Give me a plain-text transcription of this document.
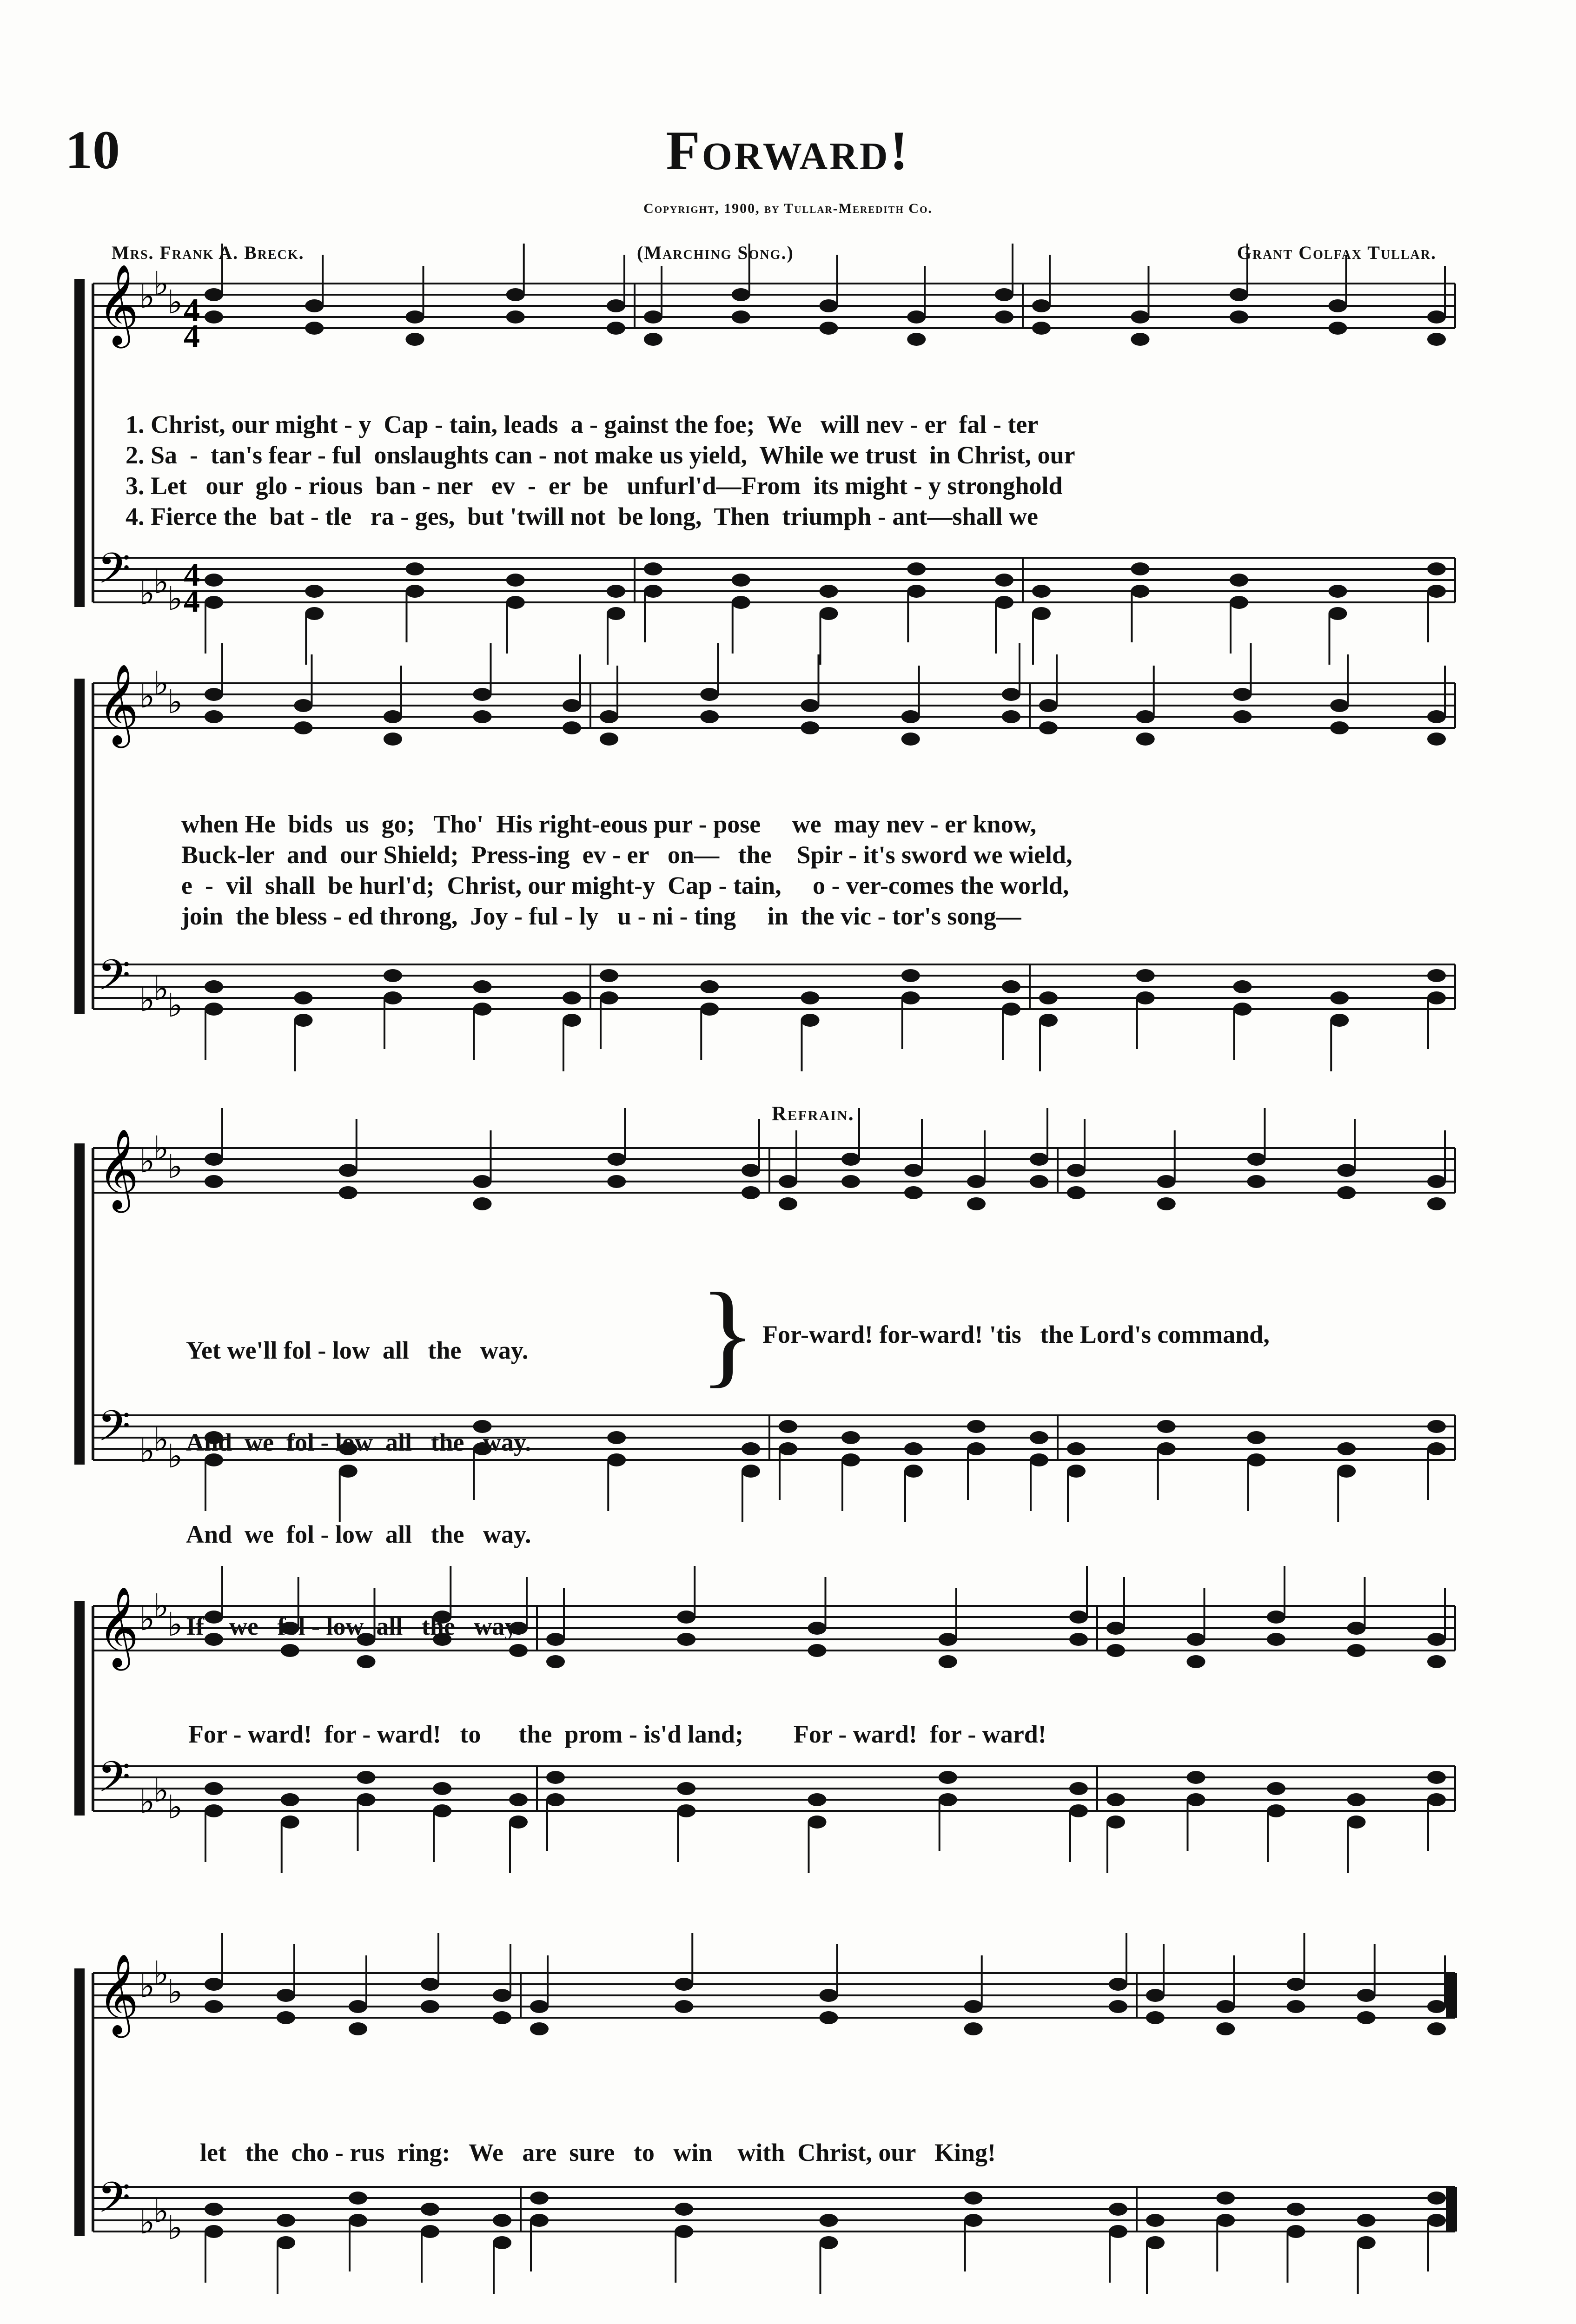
10	Forward!
Copyright, 1900, by Tullar-Meredith Co.
Mrs. Frank A. Breck.	(Marching Song.)	Grant Colfax Tullar.
𝄞 ♭
♭
♭
𝄢 ♭
♭
♭
𝄞 ♭
♭
♭
𝄢 ♭
♭
♭
𝄞 ♭
♭
♭
𝄢 ♭
♭
♭
𝄞 ♭
♭
♭
𝄢 ♭
♭
♭
𝄞 ♭
♭
♭
𝄢 ♭
♭
♭
4
4
4
4
1. Christ, our might - y  Cap - tain, leads  a - gainst the foe;  We   will nev - er  fal - ter
2. Sa  -  tan's fear - ful  onslaughts can - not make us yield,  While we trust  in Christ, our
3. Let   our  glo - rious  ban - ner   ev  -  er  be   unfurl'd—From  its might - y stronghold
4. Fierce the  bat - tle   ra - ges,  but 'twill not  be long,  Then  triumph - ant—shall we
when He  bids  us  go;   Tho'  His right-eous pur - pose     we  may nev - er know,
Buck-ler  and  our Shield;  Press-ing  ev - er   on—   the    Spir - it's sword we wield,
e  -  vil  shall  be hurl'd;  Christ, our might-y  Cap - tain,     o - ver-comes the world,
join  the bless - ed throng,  Joy - ful - ly   u - ni - ting     in  the vic - tor's song—
Refrain.

Yet we'll fol - low  all   the   way.

And  we  fol - low  all   the   way.

And  we  fol - low  all   the   way.

If    we   fol - low  all   the   way.

} For-ward! for-ward! 'tis   the Lord's command,
For - ward!  for - ward!   to      the  prom - is'd land;        For - ward!  for - ward!
let   the  cho - rus  ring:   We   are  sure   to   win    with  Christ, our   King!
